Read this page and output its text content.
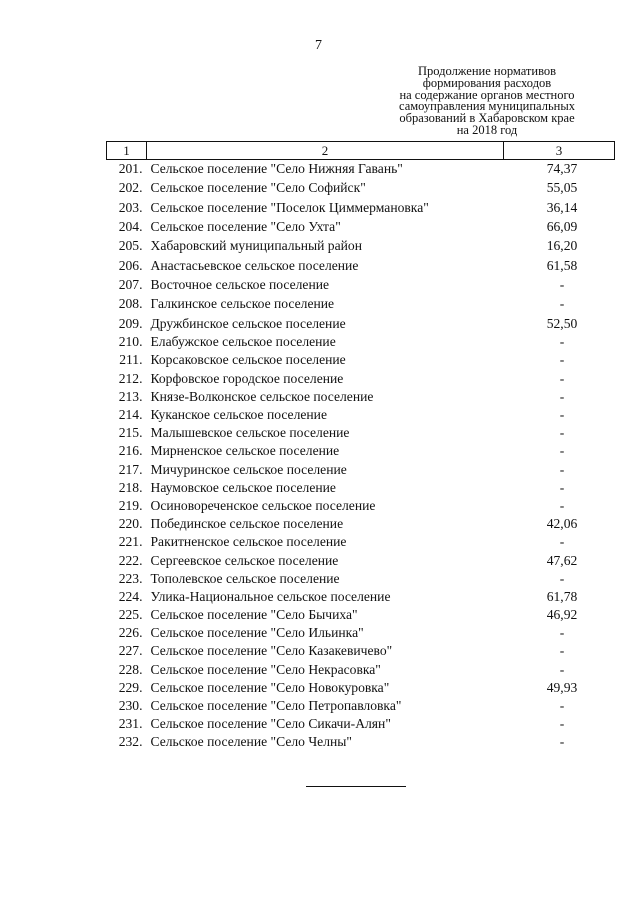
7
Продолжение нормативов
формирования расходов
на содержание органов местного
самоуправления муниципальных
образований в Хабаровском крае
на 2018 год
1	2	3
201.	Сельское поселение "Село Нижняя Гавань"	74,37
202.	Сельское поселение "Село Софийск"	55,05
203.	Сельское поселение "Поселок Циммермановка"	36,14
204.	Сельское поселение "Село Ухта"	66,09
205.	Хабаровский муниципальный район	16,20
206.	Анастасьевское сельское поселение	61,58
207.	Восточное сельское поселение	-
208.	Галкинское сельское поселение	-
209.	Дружбинское сельское поселение	52,50
210.	Елабужское сельское поселение	-
211.	Корсаковское сельское поселение	-
212.	Корфовское городское поселение	-
213.	Князе-Волконское сельское поселение	-
214.	Куканское сельское поселение	-
215.	Малышевское сельское поселение	-
216.	Мирненское сельское поселение	-
217.	Мичуринское сельское поселение	-
218.	Наумовское сельское поселение	-
219.	Осиновореченское сельское поселение	-
220.	Побединское сельское поселение	42,06
221.	Ракитненское сельское поселение	-
222.	Сергеевское сельское поселение	47,62
223.	Тополевское сельское поселение	-
224.	Улика-Национальное сельское поселение	61,78
225.	Сельское поселение "Село Бычиха"	46,92
226.	Сельское поселение "Село Ильинка"	-
227.	Сельское поселение "Село Казакевичево"	-
228.	Сельское поселение "Село Некрасовка"	-
229.	Сельское поселение "Село Новокуровка"	49,93
230.	Сельское поселение "Село Петропавловка"	-
231.	Сельское поселение "Село Сикачи-Алян"	-
232.	Сельское поселение "Село Челны"	-
